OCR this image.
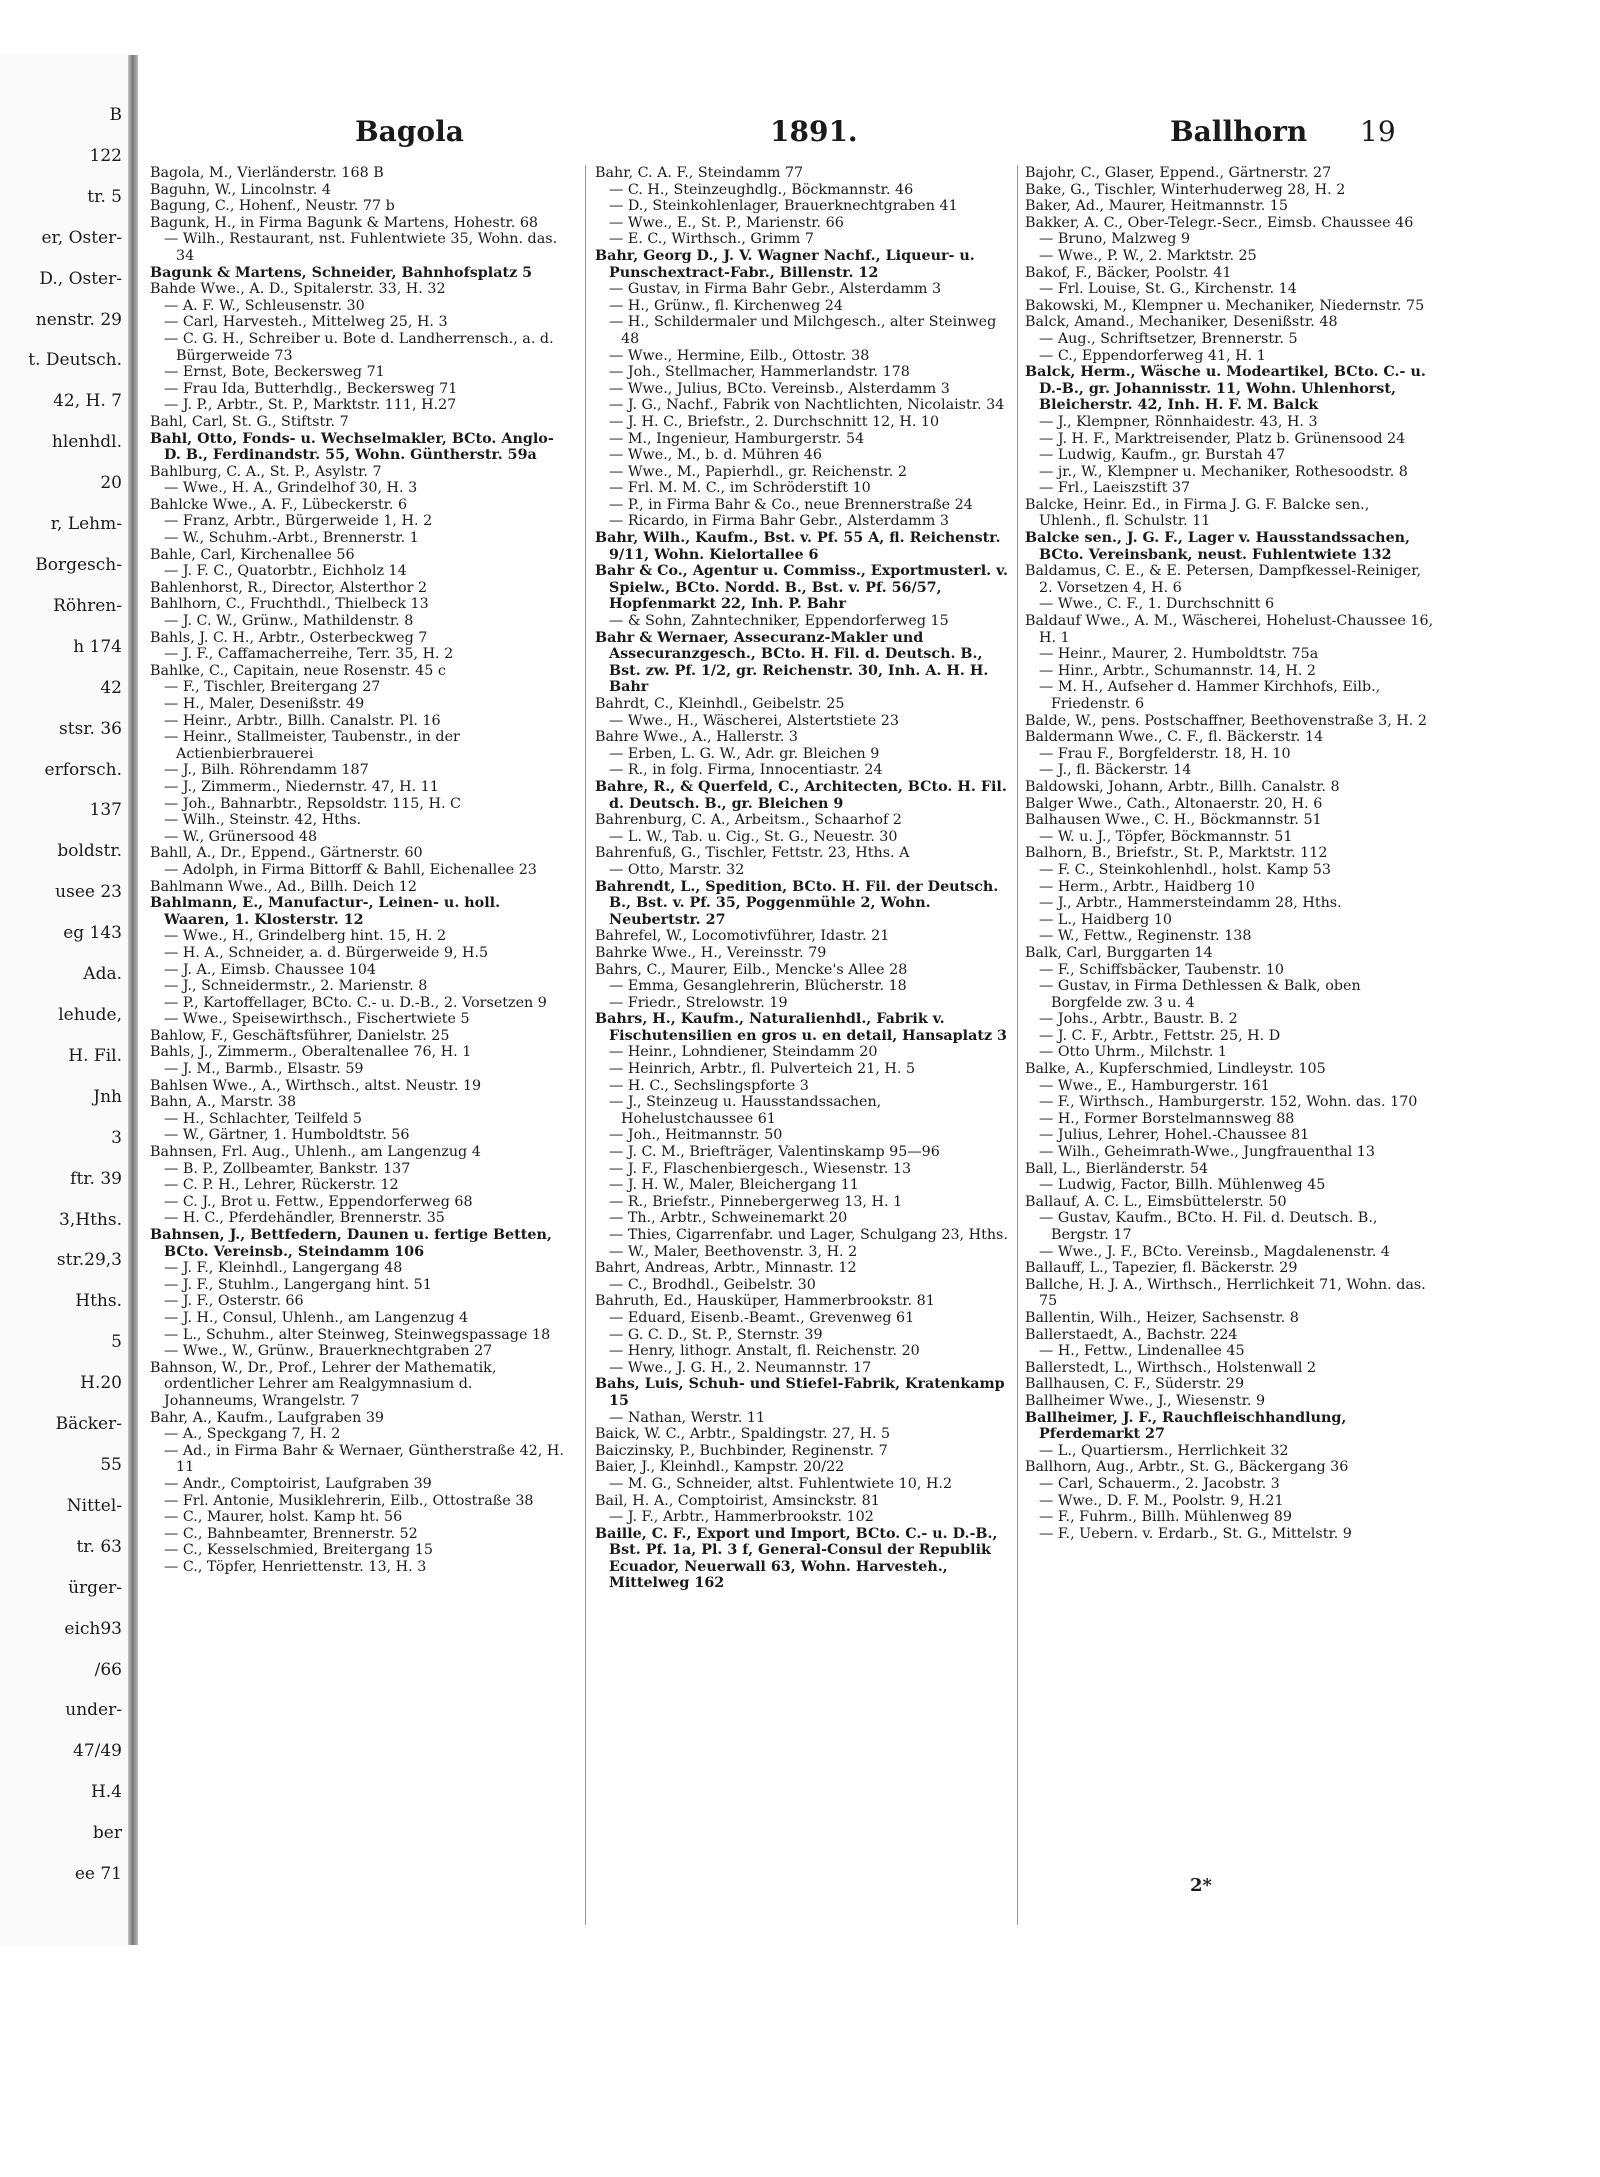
B
122
tr. 5
er, Oster-
D., Oster-
nenstr. 29
t. Deutsch.
42, H. 7
hlenhdl.
20
r, Lehm-
Borgesch-
Röhren-
h 174
42
stsr. 36
erforsch.
137
boldstr.
usee 23
eg 143
Ada.
lehude,
H. Fil.
Jnh
3
ftr. 39
3,Hths.
str.29,3
Hths.
5
H.20
Bäcker-
55
Nittel-
tr. 63
ürger-
eich93
/66
under-
47/49
H.4
ber
ee 71
Bagola	1891.	Ballhorn 19
Bagola, M., Vierländerstr. 168 B
Baguhn, W., Lincolnstr. 4
Bagung, C., Hohenf., Neustr. 77 b
Bagunk, H., in Firma Bagunk & Martens, Hohestr. 68
— Wilh., Restaurant, nst. Fuhlentwiete 35, Wohn. das. 34
Bagunk & Martens, Schneider, Bahnhofsplatz 5
Bahde Wwe., A. D., Spitalerstr. 33, H. 32
— A. F. W., Schleusenstr. 30
— Carl, Harvesteh., Mittelweg 25, H. 3
— C. G. H., Schreiber u. Bote d. Landherrensch., a. d. Bürgerweide 73
— Ernst, Bote, Beckersweg 71
— Frau Ida, Butterhdlg., Beckersweg 71
— J. P., Arbtr., St. P., Marktstr. 111, H.27
Bahl, Carl, St. G., Stiftstr. 7
Bahl, Otto, Fonds- u. Wechselmakler, BCto. Anglo-D. B., Ferdinandstr. 55, Wohn. Güntherstr. 59a
Bahlburg, C. A., St. P., Asylstr. 7
— Wwe., H. A., Grindelhof 30, H. 3
Bahlcke Wwe., A. F., Lübeckerstr. 6
— Franz, Arbtr., Bürgerweide 1, H. 2
— W., Schuhm.-Arbt., Brennerstr. 1
Bahle, Carl, Kirchenallee 56
— J. F. C., Quatorbtr., Eichholz 14
Bahlenhorst, R., Director, Alsterthor 2
Bahlhorn, C., Fruchthdl., Thielbeck 13
— J. C. W., Grünw., Mathildenstr. 8
Bahls, J. C. H., Arbtr., Osterbeckweg 7
— J. F., Caffamacherreihe, Terr. 35, H. 2
Bahlke, C., Capitain, neue Rosenstr. 45 c
— F., Tischler, Breitergang 27
— H., Maler, Desenißstr. 49
— Heinr., Arbtr., Billh. Canalstr. Pl. 16
— Heinr., Stallmeister, Taubenstr., in der Actienbierbrauerei
— J., Bilh. Röhrendamm 187
— J., Zimmerm., Niedernstr. 47, H. 11
— Joh., Bahnarbtr., Repsoldstr. 115, H. C
— Wilh., Steinstr. 42, Hths.
— W., Grünersood 48
Bahll, A., Dr., Eppend., Gärtnerstr. 60
— Adolph, in Firma Bittorff & Bahll, Eichenallee 23
Bahlmann Wwe., Ad., Billh. Deich 12
Bahlmann, E., Manufactur-, Leinen- u. holl. Waaren, 1. Klosterstr. 12
— Wwe., H., Grindelberg hint. 15, H. 2
— H. A., Schneider, a. d. Bürgerweide 9, H.5
— J. A., Eimsb. Chaussee 104
— J., Schneidermstr., 2. Marienstr. 8
— P., Kartoffellager, BCto. C.- u. D.-B., 2. Vorsetzen 9
— Wwe., Speisewirthsch., Fischertwiete 5
Bahlow, F., Geschäftsführer, Danielstr. 25
Bahls, J., Zimmerm., Oberaltenallee 76, H. 1
— J. M., Barmb., Elsastr. 59
Bahlsen Wwe., A., Wirthsch., altst. Neustr. 19
Bahn, A., Marstr. 38
— H., Schlachter, Teilfeld 5
— W., Gärtner, 1. Humboldtstr. 56
Bahnsen, Frl. Aug., Uhlenh., am Langenzug 4
— B. P., Zollbeamter, Bankstr. 137
— C. P. H., Lehrer, Rückerstr. 12
— C. J., Brot u. Fettw., Eppendorferweg 68
— H. C., Pferdehändler, Brennerstr. 35
Bahnsen, J., Bettfedern, Daunen u. fertige Betten, BCto. Vereinsb., Steindamm 106
— J. F., Kleinhdl., Langergang 48
— J. F., Stuhlm., Langergang hint. 51
— J. F., Osterstr. 66
— J. H., Consul, Uhlenh., am Langenzug 4
— L., Schuhm., alter Steinweg, Steinwegspassage 18
— Wwe., W., Grünw., Brauerknechtgraben 27
Bahnson, W., Dr., Prof., Lehrer der Mathematik, ordentlicher Lehrer am Realgymnasium d. Johanneums, Wrangelstr. 7
Bahr, A., Kaufm., Laufgraben 39
— A., Speckgang 7, H. 2
— Ad., in Firma Bahr & Wernaer, Güntherstraße 42, H. 11
— Andr., Comptoirist, Laufgraben 39
— Frl. Antonie, Musiklehrerin, Eilb., Ottostraße 38
— C., Maurer, holst. Kamp ht. 56
— C., Bahnbeamter, Brennerstr. 52
— C., Kesselschmied, Breitergang 15
— C., Töpfer, Henriettenstr. 13, H. 3
Bahr, C. A. F., Steindamm 77
— C. H., Steinzeughdlg., Böckmannstr. 46
— D., Steinkohlenlager, Brauerknechtgraben 41
— Wwe., E., St. P., Marienstr. 66
— E. C., Wirthsch., Grimm 7
Bahr, Georg D., J. V. Wagner Nachf., Liqueur- u. Punschextract-Fabr., Billenstr. 12
— Gustav, in Firma Bahr Gebr., Alsterdamm 3
— H., Grünw., fl. Kirchenweg 24
— H., Schildermaler und Milchgesch., alter Steinweg 48
— Wwe., Hermine, Eilb., Ottostr. 38
— Joh., Stellmacher, Hammerlandstr. 178
— Wwe., Julius, BCto. Vereinsb., Alsterdamm 3
— J. G., Nachf., Fabrik von Nachtlichten, Nicolaistr. 34
— J. H. C., Briefstr., 2. Durchschnitt 12, H. 10
— M., Ingenieur, Hamburgerstr. 54
— Wwe., M., b. d. Mühren 46
— Wwe., M., Papierhdl., gr. Reichenstr. 2
— Frl. M. M. C., im Schröderstift 10
— P., in Firma Bahr & Co., neue Brennerstraße 24
— Ricardo, in Firma Bahr Gebr., Alsterdamm 3
Bahr, Wilh., Kaufm., Bst. v. Pf. 55 A, fl. Reichenstr. 9/11, Wohn. Kielortallee 6
Bahr & Co., Agentur u. Commiss., Exportmusterl. v. Spielw., BCto. Nordd. B., Bst. v. Pf. 56/57, Hopfenmarkt 22, Inh. P. Bahr
— & Sohn, Zahntechniker, Eppendorferweg 15
Bahr & Wernaer, Assecuranz-Makler und Assecuranzgesch., BCto. H. Fil. d. Deutsch. B., Bst. zw. Pf. 1/2, gr. Reichenstr. 30, Inh. A. H. H. Bahr
Bahrdt, C., Kleinhdl., Geibelstr. 25
— Wwe., H., Wäscherei, Alstertstiete 23
Bahre Wwe., A., Hallerstr. 3
— Erben, L. G. W., Adr. gr. Bleichen 9
— R., in folg. Firma, Innocentiastr. 24
Bahre, R., & Querfeld, C., Architecten, BCto. H. Fil. d. Deutsch. B., gr. Bleichen 9
Bahrenburg, C. A., Arbeitsm., Schaarhof 2
— L. W., Tab. u. Cig., St. G., Neuestr. 30
Bahrenfuß, G., Tischler, Fettstr. 23, Hths. A
— Otto, Marstr. 32
Bahrendt, L., Spedition, BCto. H. Fil. der Deutsch. B., Bst. v. Pf. 35, Poggenmühle 2, Wohn. Neubertstr. 27
Bahrefel, W., Locomotivführer, Idastr. 21
Bahrke Wwe., H., Vereinsstr. 79
Bahrs, C., Maurer, Eilb., Mencke's Allee 28
— Emma, Gesanglehrerin, Blücherstr. 18
— Friedr., Strelowstr. 19
Bahrs, H., Kaufm., Naturalienhdl., Fabrik v. Fischutensilien en gros u. en detail, Hansaplatz 3
— Heinr., Lohndiener, Steindamm 20
— Heinrich, Arbtr., fl. Pulverteich 21, H. 5
— H. C., Sechslingspforte 3
— J., Steinzeug u. Hausstandssachen, Hohelustchaussee 61
— Joh., Heitmannstr. 50
— J. C. M., Briefträger, Valentinskamp 95—96
— J. F., Flaschenbiergesch., Wiesenstr. 13
— J. H. W., Maler, Bleichergang 11
— R., Briefstr., Pinnebergerweg 13, H. 1
— Th., Arbtr., Schweinemarkt 20
— Thies, Cigarrenfabr. und Lager, Schulgang 23, Hths.
— W., Maler, Beethovenstr. 3, H. 2
Bahrt, Andreas, Arbtr., Minnastr. 12
— C., Brodhdl., Geibelstr. 30
Bahruth, Ed., Hausküper, Hammerbrookstr. 81
— Eduard, Eisenb.-Beamt., Grevenweg 61
— G. C. D., St. P., Sternstr. 39
— Henry, lithogr. Anstalt, fl. Reichenstr. 20
— Wwe., J. G. H., 2. Neumannstr. 17
Bahs, Luis, Schuh- und Stiefel-Fabrik, Kratenkamp 15
— Nathan, Werstr. 11
Baick, W. C., Arbtr., Spaldingstr. 27, H. 5
Baiczinsky, P., Buchbinder, Reginenstr. 7
Baier, J., Kleinhdl., Kampstr. 20/22
— M. G., Schneider, altst. Fuhlentwiete 10, H.2
Bail, H. A., Comptoirist, Amsinckstr. 81
— J. F., Arbtr., Hammerbrookstr. 102
Baille, C. F., Export und Import, BCto. C.- u. D.-B., Bst. Pf. 1a, Pl. 3 f, General-Consul der Republik Ecuador, Neuerwall 63, Wohn. Harvesteh., Mittelweg 162
Bajohr, C., Glaser, Eppend., Gärtnerstr. 27
Bake, G., Tischler, Winterhuderweg 28, H. 2
Baker, Ad., Maurer, Heitmannstr. 15
Bakker, A. C., Ober-Telegr.-Secr., Eimsb. Chaussee 46
— Bruno, Malzweg 9
— Wwe., P. W., 2. Marktstr. 25
Bakof, F., Bäcker, Poolstr. 41
— Frl. Louise, St. G., Kirchenstr. 14
Bakowski, M., Klempner u. Mechaniker, Niedernstr. 75
Balck, Amand., Mechaniker, Desenißstr. 48
— Aug., Schriftsetzer, Brennerstr. 5
— C., Eppendorferweg 41, H. 1
Balck, Herm., Wäsche u. Modeartikel, BCto. C.- u. D.-B., gr. Johannisstr. 11, Wohn. Uhlenhorst, Bleicherstr. 42, Inh. H. F. M. Balck
— J., Klempner, Rönnhaidestr. 43, H. 3
— J. H. F., Marktreisender, Platz b. Grünensood 24
— Ludwig, Kaufm., gr. Burstah 47
— jr., W., Klempner u. Mechaniker, Rothesoodstr. 8
— Frl., Laeiszstift 37
Balcke, Heinr. Ed., in Firma J. G. F. Balcke sen., Uhlenh., fl. Schulstr. 11
Balcke sen., J. G. F., Lager v. Hausstandssachen, BCto. Vereinsbank, neust. Fuhlentwiete 132
Baldamus, C. E., & E. Petersen, Dampfkessel-Reiniger, 2. Vorsetzen 4, H. 6
— Wwe., C. F., 1. Durchschnitt 6
Baldauf Wwe., A. M., Wäscherei, Hohelust-Chaussee 16, H. 1
— Heinr., Maurer, 2. Humboldtstr. 75a
— Hinr., Arbtr., Schumannstr. 14, H. 2
— M. H., Aufseher d. Hammer Kirchhofs, Eilb., Friedenstr. 6
Balde, W., pens. Postschaffner, Beethovenstraße 3, H. 2
Baldermann Wwe., C. F., fl. Bäckerstr. 14
— Frau F., Borgfelderstr. 18, H. 10
— J., fl. Bäckerstr. 14
Baldowski, Johann, Arbtr., Billh. Canalstr. 8
Balger Wwe., Cath., Altonaerstr. 20, H. 6
Balhausen Wwe., C. H., Böckmannstr. 51
— W. u. J., Töpfer, Böckmannstr. 51
Balhorn, B., Briefstr., St. P., Marktstr. 112
— F. C., Steinkohlenhdl., holst. Kamp 53
— Herm., Arbtr., Haidberg 10
— J., Arbtr., Hammersteindamm 28, Hths.
— L., Haidberg 10
— W., Fettw., Reginenstr. 138
Balk, Carl, Burggarten 14
— F., Schiffsbäcker, Taubenstr. 10
— Gustav, in Firma Dethlessen & Balk, oben Borgfelde zw. 3 u. 4
— Johs., Arbtr., Baustr. B. 2
— J. C. F., Arbtr., Fettstr. 25, H. D
— Otto Uhrm., Milchstr. 1
Balke, A., Kupferschmied, Lindleystr. 105
— Wwe., E., Hamburgerstr. 161
— F., Wirthsch., Hamburgerstr. 152, Wohn. das. 170
— H., Former Borstelmannsweg 88
— Julius, Lehrer, Hohel.-Chaussee 81
— Wilh., Geheimrath-Wwe., Jungfrauenthal 13
Ball, L., Bierländerstr. 54
— Ludwig, Factor, Billh. Mühlenweg 45
Ballauf, A. C. L., Eimsbüttelerstr. 50
— Gustav, Kaufm., BCto. H. Fil. d. Deutsch. B., Bergstr. 17
— Wwe., J. F., BCto. Vereinsb., Magdalenenstr. 4
Ballauff, L., Tapezier, fl. Bäckerstr. 29
Ballche, H. J. A., Wirthsch., Herrlichkeit 71, Wohn. das. 75
Ballentin, Wilh., Heizer, Sachsenstr. 8
Ballerstaedt, A., Bachstr. 224
— H., Fettw., Lindenallee 45
Ballerstedt, L., Wirthsch., Holstenwall 2
Ballhausen, C. F., Süderstr. 29
Ballheimer Wwe., J., Wiesenstr. 9
Ballheimer, J. F., Rauchfleischhandlung, Pferdemarkt 27
— L., Quartiersm., Herrlichkeit 32
Ballhorn, Aug., Arbtr., St. G., Bäckergang 36
— Carl, Schauerm., 2. Jacobstr. 3
— Wwe., D. F. M., Poolstr. 9, H.21
— F., Fuhrm., Billh. Mühlenweg 89
— F., Uebern. v. Erdarb., St. G., Mittelstr. 9
2*
